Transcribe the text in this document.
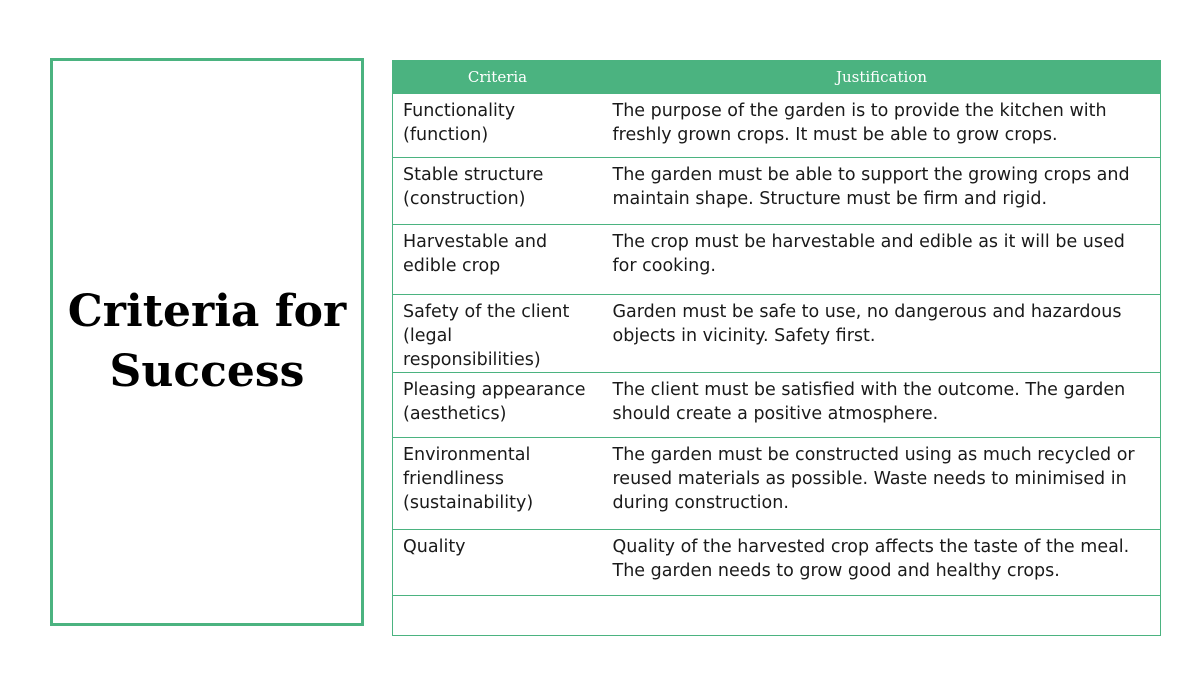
Criteria for
Success
Criteria	Justification

Functionality
(function)	The purpose of the garden is to provide the kitchen with
freshly grown crops. It must be able to grow crops.

Stable structure
(construction)	The garden must be able to support the growing crops and
maintain shape. Structure must be firm and rigid.

Harvestable and
edible crop	The crop must be harvestable and edible as it will be used
for cooking.

Safety of the client
(legal responsibilities)	Garden must be safe to use, no dangerous and hazardous
objects in vicinity. Safety first.

Pleasing appearance
(aesthetics)	The client must be satisfied with the outcome. The garden
should create a positive atmosphere.

Environmental
friendliness
(sustainability)	The garden must be constructed using as much recycled or
reused materials as possible. Waste needs to minimised in
during construction.

Quality	Quality of the harvested crop affects the taste of the meal.
The garden needs to grow good and healthy crops.
